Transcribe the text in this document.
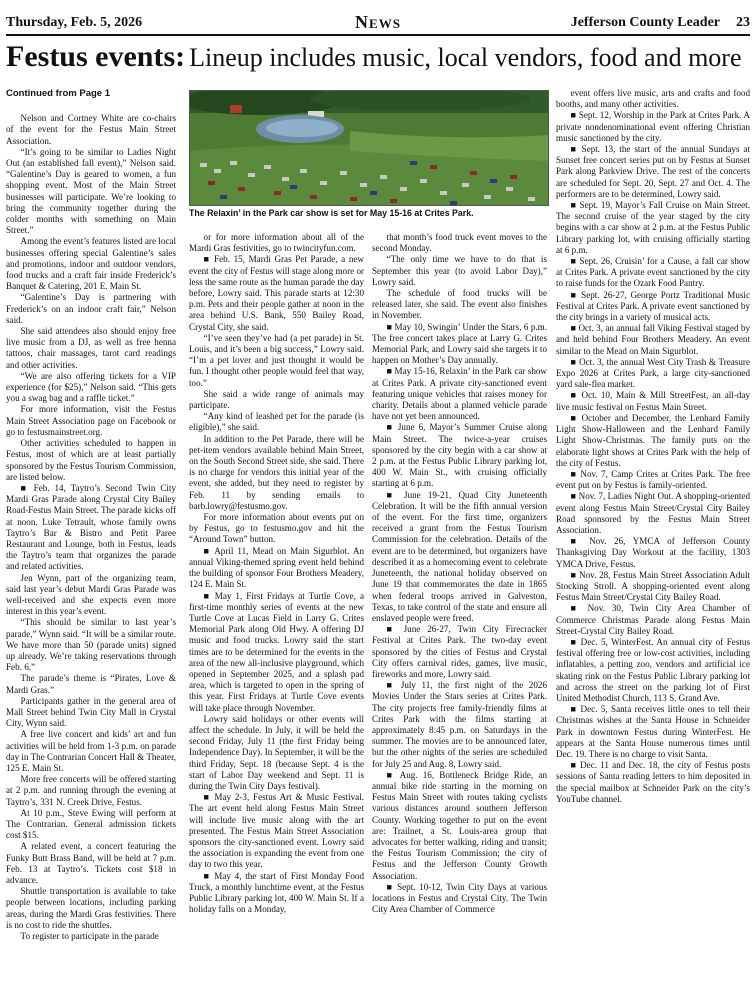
Thursday, Feb. 5, 2026	News	Jefferson County Leader 23
Festus events: Lineup includes music, local vendors, food and more
The Relaxin’ in the Park car show is set for May 15-16 at Crites Park.

Continued from Page 1

Nelson and Cortney White are co-chairs of the event for the Festus Main Street Association.

“It’s going to be similar to Ladies Night Out (an established fall event),” Nelson said. “Galentine’s Day is geared to women, a fun shopping event. Most of the Main Street businesses will participate. We’re looking to bring the community together during the colder months with something on Main Street.”

Among the event’s features listed are local businesses offering special Galentine’s sales and promotions, indoor and outdoor vendors, food trucks and a craft fair inside Frederick’s Banquet & Catering, 201 E. Main St.

“Galentine’s Day is partnering with Frederick’s on an indoor craft fair,” Nelson said.

She said attendees also should enjoy free live music from a DJ, as well as free henna tattoos, chair massages, tarot card readings and other activities.

“We are also offering tickets for a VIP experience (for $25),” Nelson said. “This gets you a swag bag and a raffle ticket.”

For more information, visit the Festus Main Street Association page on Facebook or go to festusmainstreet.org.

Other activities scheduled to happen in Festus, most of which are at least partially sponsored by the Festus Tourism Commission, are listed below.

■ Feb. 14, Taytro’s Second Twin City Mardi Gras Parade along Crystal City Bailey Road-Festus Main Street. The parade kicks off at noon. Luke Tetrault, whose family owns Taytro’s Bar & Bistro and Petit Paree Restaurant and Lounge, both in Festus, leads the Taytro’s team that organizes the parade and related activities.

Jen Wynn, part of the organizing team, said last year’s debut Mardi Gras Parade was well-received and she expects even more interest in this year’s event.

“This should be similar to last year’s parade,” Wynn said. “It will be a similar route. We have more than 50 (parade units) signed up already. We’re taking reservations through Feb. 6.”

The parade’s theme is “Pirates, Love & Mardi Gras.”

Participants gather in the general area of Mall Street behind Twin City Mall in Crystal City, Wynn said.

A free live concert and kids’ art and fun activities will be held from 1-3 p.m. on parade day in The Contrarian Concert Hall & Theater, 125 E. Main St.

More free concerts will be offered starting at 2 p.m. and running through the evening at Taytro’s, 331 N. Creek Drive, Festus.

At 10 p.m., Steve Ewing will perform at The Contrarian. General admission tickets cost $15.

A related event, a concert featuring the Funky Butt Brass Band, will be held at 7 p.m. Feb. 13 at Taytro’s. Tickets cost $18 in advance.

Shuttle transportation is available to take people between locations, including parking areas, during the Mardi Gras festivities. There is no cost to ride the shuttles.

To register to participate in the parade

or for more information about all of the Mardi Gras festivities, go to twincityfun.com.

■ Feb. 15, Mardi Gras Pet Parade, a new event the city of Festus will stage along more or less the same route as the human parade the day before, Lowry said. This parade starts at 12:30 p.m. Pets and their people gather at noon in the area behind U.S. Bank, 550 Bailey Road, Crystal City, she said.

“I’ve seen they’ve had (a pet parade) in St. Louis, and it’s been a big success,” Lowry said. “I’m a pet lover and just thought it would be fun. I thought other people would feel that way, too.”

She said a wide range of animals may participate.

“Any kind of leashed pet for the parade (is eligible),” she said.

In addition to the Pet Parade, there will be pet-item vendors available behind Main Street, on the South Second Street side, she said. There is no charge for vendors this initial year of the event, she added, but they need to register by Feb. 11 by sending emails to barb.lowry@festusmo.gov.

For more information about events put on by Festus, go to festusmo.gov and hit the “Around Town” button.

■ April 11, Mead on Main Sigurblot. An annual Viking-themed spring event held behind the building of sponsor Four Brothers Meadery, 124 E. Main St.

■ May 1, First Fridays at Turtle Cove, a first-time monthly series of events at the new Turtle Cove at Lucas Field in Larry G. Crites Memorial Park along Old Hwy. A offering DJ music and food trucks. Lowry said the start times are to be determined for the events in the area of the new all-inclusive playground, which opened in September 2025, and a splash pad area, which is targeted to open in the spring of this year. First Fridays at Turtle Cove events will take place through November.

Lowry said holidays or other events will affect the schedule. In July, it will be held the second Friday, July 11 (the first Friday being Independence Day). In September, it will be the third Friday, Sept. 18 (because Sept. 4 is the start of Labor Day weekend and Sept. 11 is during the Twin City Days festival).

■ May 2-3, Festus Art & Music Festival. The art event held along Festus Main Street will include live music along with the art presented. The Festus Main Street Association sponsors the city-sanctioned event. Lowry said the association is expanding the event from one day to two this year.

■ May 4, the start of First Monday Food Truck, a monthly lunchtime event, at the Festus Public Library parking lot, 400 W. Main St. If a holiday falls on a Monday,

that month’s food truck event moves to the second Monday.

“The only time we have to do that is September this year (to avoid Labor Day),” Lowry said.

The schedule of food trucks will be released later, she said. The event also finishes in November.

■ May 10, Swingin’ Under the Stars, 6 p.m. The free concert takes place at Larry G. Crites Memorial Park, and Lowry said she targets it to happen on Mother’s Day annually.

■ May 15-16, Relaxin’ in the Park car show at Crites Park. A private city-sanctioned event featuring unique vehicles that raises money for charity. Details about a planned vehicle parade have not yet been announced.

■ June 6, Mayor’s Summer Cruise along Main Street. The twice-a-year cruises sponsored by the city begin with a car show at 2 p.m. at the Festus Public Library parking lot, 400 W. Main St., with cruising officially starting at 6 p.m.

■ June 19-21, Quad City Juneteenth Celebration. It will be the fifth annual version of the event. For the first time, organizers received a grant from the Festus Tourism Commission for the celebration. Details of the event are to be determined, but organizers have described it as a homecoming event to celebrate Juneteenth, the national holiday observed on June 19 that commemorates the date in 1865 when federal troops arrived in Galveston, Texas, to take control of the state and ensure all enslaved people were freed.

■ June 26-27, Twin City Firecracker Festival at Crites Park. The two-day event sponsored by the cities of Festus and Crystal City offers carnival rides, games, live music, fireworks and more, Lowry said.

■ July 11, the first night of the 2026 Movies Under the Stars series at Crites Park. The city projects free family-friendly films at Crites Park with the films starting at approximately 8:45 p.m. on Saturdays in the summer. The movies are to be announced later, but the other nights of the series are scheduled for July 25 and Aug. 8, Lowry said.

■ Aug. 16, Bottleneck Bridge Ride, an annual bike ride starting in the morning on Festus Main Street with routes taking cyclists various distances around southern Jefferson County. Working together to put on the event are: Trailnet, a St. Louis-area group that advocates for better walking, riding and transit; the Festus Tourism Commission; the city of Festus and the Jefferson County Growth Association.

■ Sept. 10-12, Twin City Days at various locations in Festus and Crystal City. The Twin City Area Chamber of Commerce

event offers live music, arts and crafts and food booths, and many other activities.

■ Sept. 12, Worship in the Park at Crites Park. A private nondenominational event offering Christian music sanctioned by the city.

■ Sept. 13, the start of the annual Sundays at Sunset free concert series put on by Festus at Sunset Park along Parkview Drive. The rest of the concerts are scheduled for Sept. 20, Sept. 27 and Oct. 4. The performers are to be determined, Lowry said.

■ Sept. 19, Mayor’s Fall Cruise on Main Street. The second cruise of the year staged by the city begins with a car show at 2 p.m. at the Festus Public Library parking lot, with cruising officially starting at 6 p.m.

■ Sept. 26, Cruisin’ for a Cause, a fall car show at Crites Park. A private event sanctioned by the city to raise funds for the Ozark Food Pantry.

■ Sept. 26-27, George Portz Traditional Music Festival at Crites Park. A private event sanctioned by the city brings in a variety of musical acts.

■ Oct. 3, an annual fall Viking Festival staged by and held behind Four Brothers Meadery. An event similar to the Mead on Main Sigurblot.

■ Oct. 3, the annual West City Trash & Treasure Expo 2026 at Crites Park, a large city-sanctioned yard sale-flea market.

■ Oct. 10, Main & Mill StreetFest, an all-day live music festival on Festus Main Street.

■ October and December, the Lenhard Family Light Show-Halloween and the Lenhard Family Light Show-Christmas. The family puts on the elaborate light shows at Crites Park with the help of the city of Festus.

■ Nov. 7, Camp Crites at Crites Park. The free event put on by Festus is family-oriented.

■ Nov. 7, Ladies Night Out. A shopping-oriented event along Festus Main Street/Crystal City Bailey Road sponsored by the Festus Main Street Association.

■ Nov. 26, YMCA of Jefferson County Thanksgiving Day Workout at the facility, 1303 YMCA Drive, Festus.

■ Nov. 28, Festus Main Street Association Adult Stocking Stroll. A shopping-oriented event along Festus Main Street/Crystal City Bailey Road.

■ Nov. 30, Twin City Area Chamber of Commerce Christmas Parade along Festus Main Street-Crystal City Bailey Road.

■ Dec. 5, WinterFest. An annual city of Festus festival offering free or low-cost activities, including inflatables, a petting zoo, vendors and artificial ice skating rink on the Festus Public Library parking lot and across the street on the parking lot of First United Methodist Church, 113 S. Grand Ave.

■ Dec. 5, Santa receives little ones to tell their Christmas wishes at the Santa House in Schneider Park in downtown Festus during WinterFest. He appears at the Santa House numerous times until Dec. 19. There is no charge to visit Santa.

■ Dec. 11 and Dec. 18, the city of Festus posts sessions of Santa reading letters to him deposited in the special mailbox at Schneider Park on the city’s YouTube channel.
